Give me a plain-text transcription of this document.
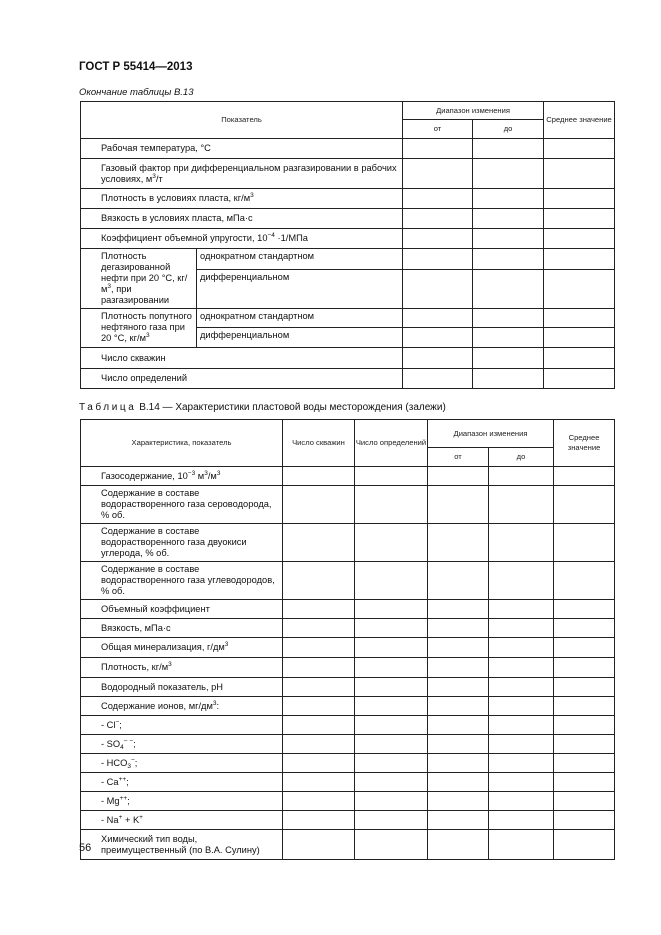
ГОСТ Р 55414—2013
Окончание таблицы В.13
Показатель		Диапазон изменения		Среднее значение
		от	до	
Рабочая температура, °С				
Газовый фактор при дифференциальном разгазировании в рабочих условиях, $м^3/т$				
Плотность в условиях пласта, $кг/м^3$			
Вязкость в условиях пласта, мПа·с				
Коэффициент объемной упругости, $10^{-4} \cdot 1/МПа$				
Плотность дегазированной нефти при 20 °С, $кг/м^3$, при разгазировании	однократном стандартном			
	дифференциальном			
Плотность попутного нефтяного газа при 20 °С, $кг/м^3$	однократном стандартном			
	дифференциальном			
Число скважин				
Число определений				
Таблица В.14 — Характеристики пластовой воды месторождения (залежи)
Характеристика, показатель	Число скважин	Число определений	Диапазон изменения		Среднее значение
			от	до	
Газосодержание, $10^{-3}$ $м^3/м^3$					
Содержание в составе водорастворенного газа сероводорода, % об.					
Содержание в составе водорастворенного газа двуокиси углерода, % об.					
Содержание в составе водорастворенного газа углеводородов, % об.					
Объемный коэффициент					
Вязкость, мПа·с					
Общая минерализация, $г/дм^3$					
Плотность, $кг/м^3$					
Водородный показатель, pH					
Содержание ионов, $мг/дм^3$:					
- Cl−;					
- $SO_4^{- -}$;					
- $HCO_3^-$;					
- Ca++;					
- Mg++;					
- Na+ + K+					
Химический тип воды, преимущественный (по В.А. Сулину)					
56
